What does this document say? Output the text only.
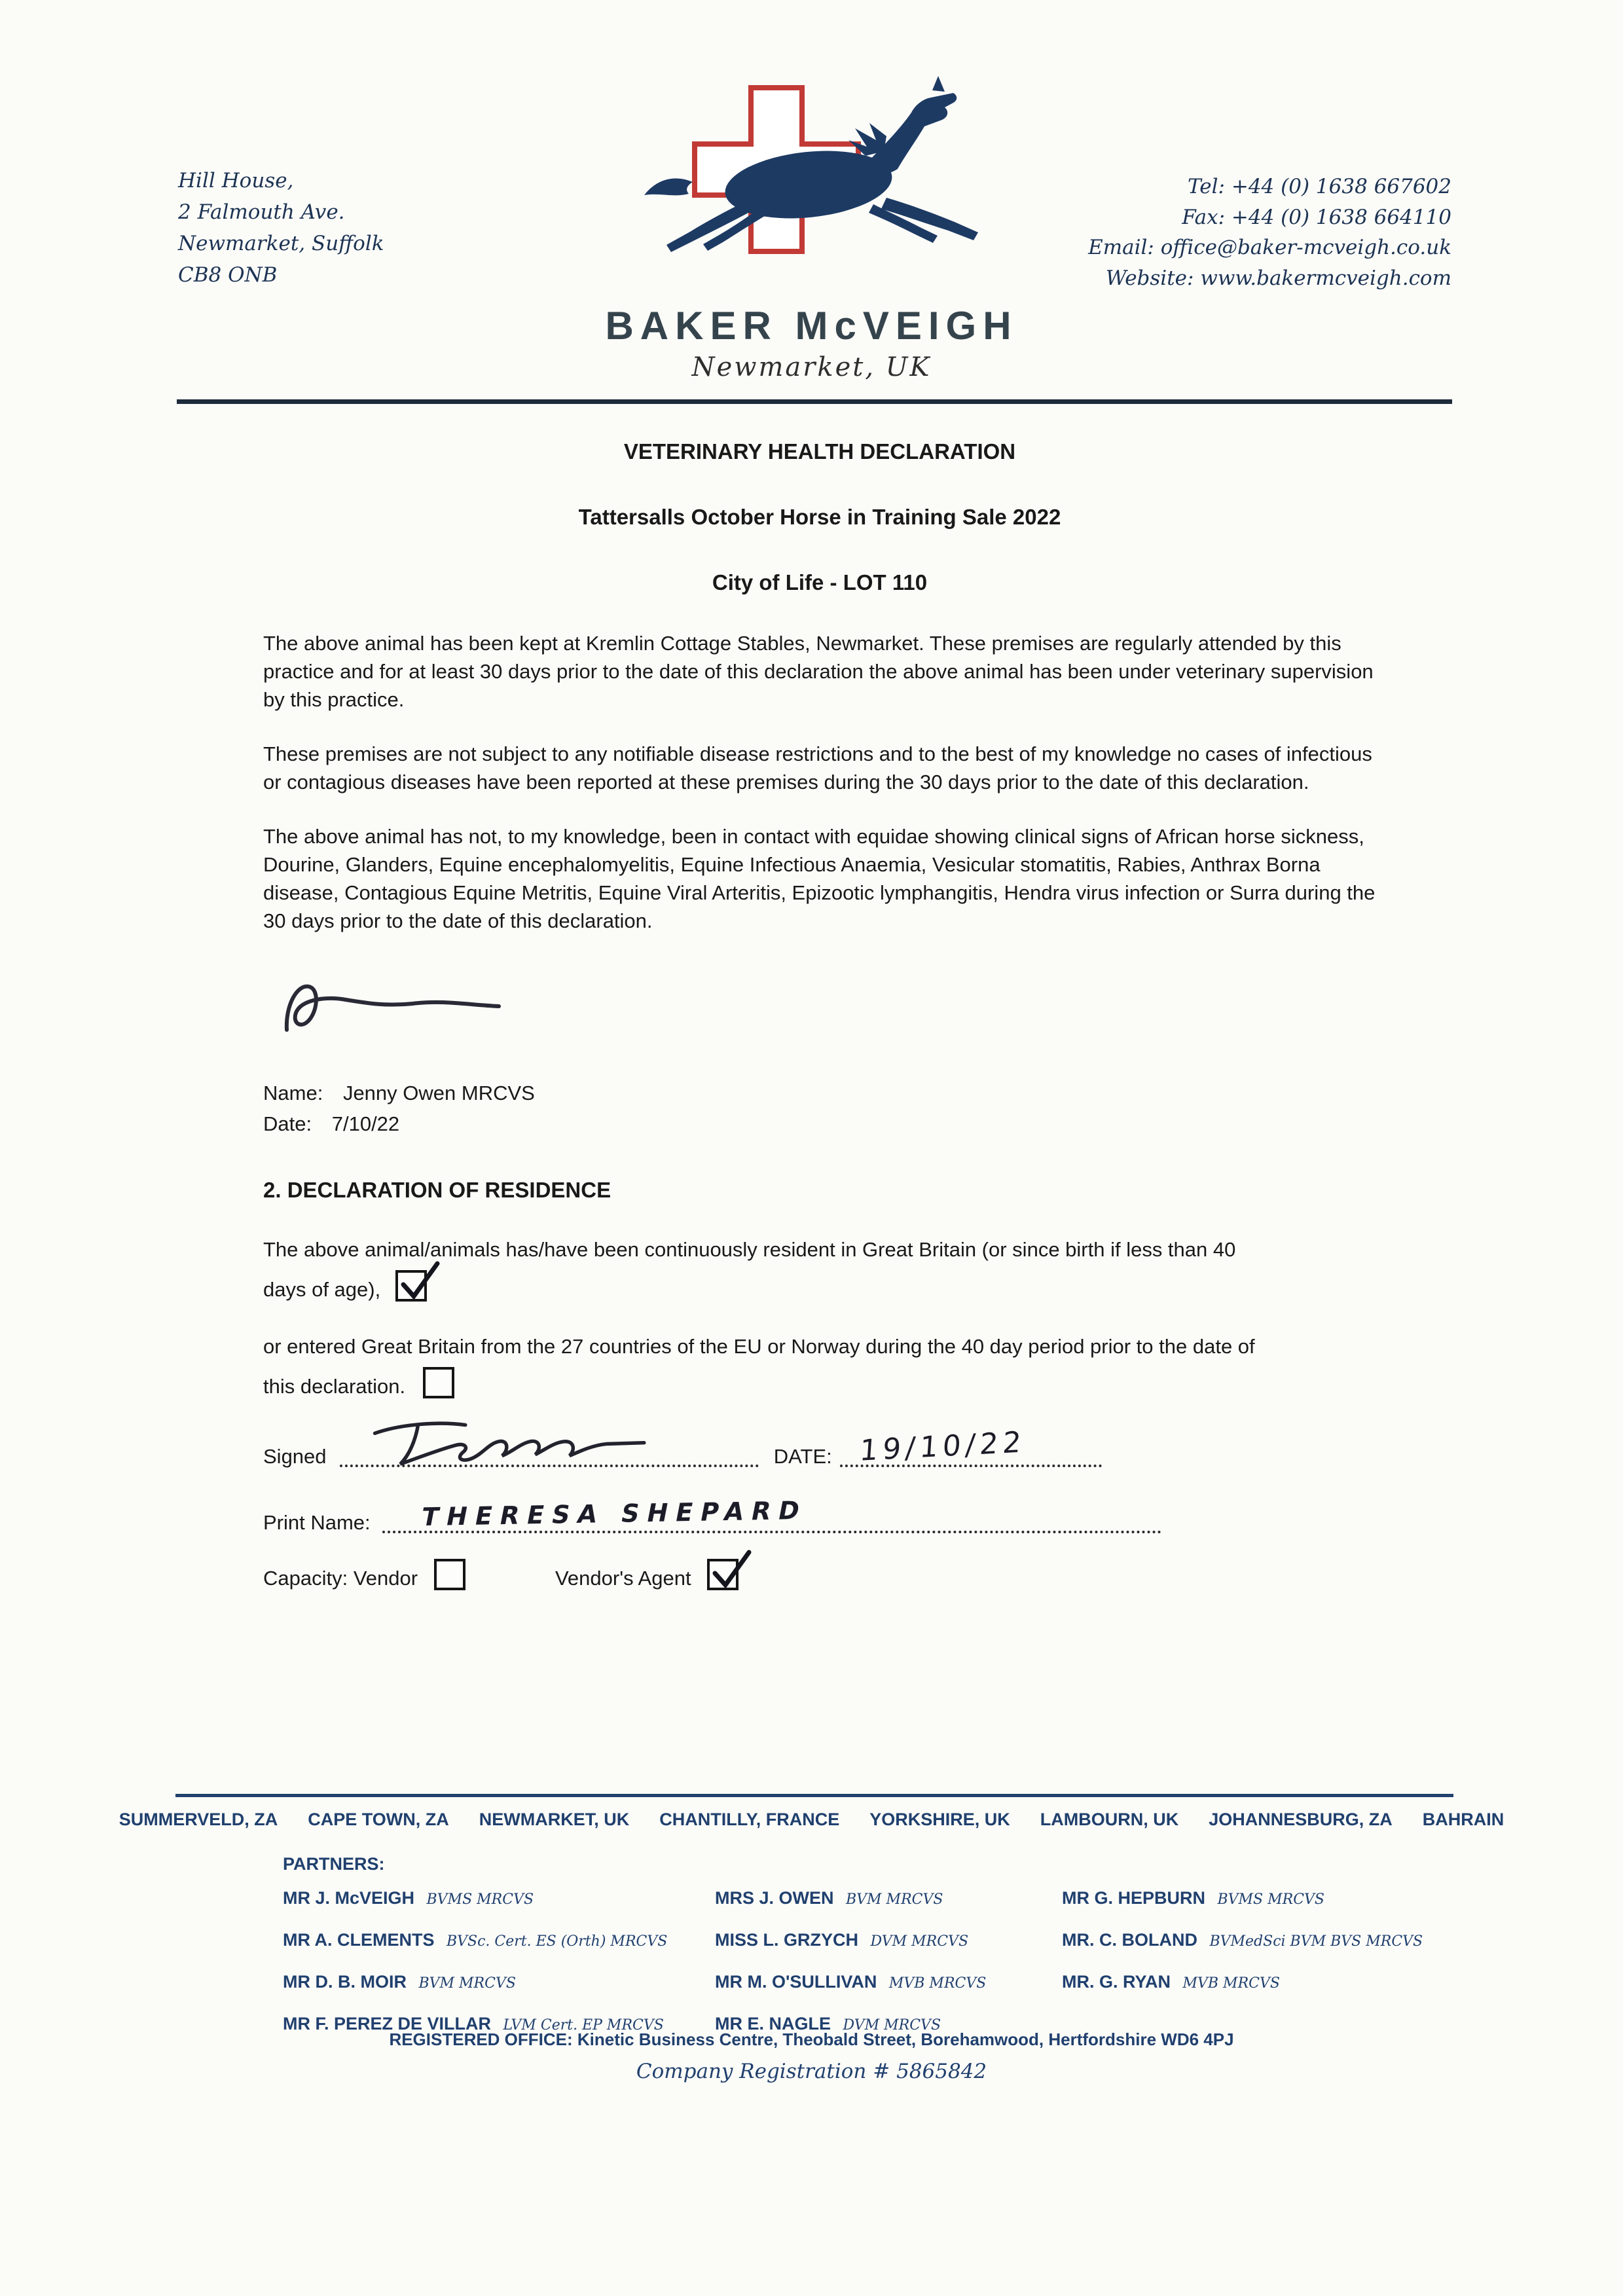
Hill House,
2 Falmouth Ave.
Newmarket, Suffolk
CB8 ONB
Tel: +44 (0) 1638 667602
Fax: +44 (0) 1638 664110
Email: office@baker-mcveigh.co.uk
Website: www.bakermcveigh.com
BAKER McVEIGH
Newmarket, UK
VETERINARY HEALTH DECLARATION
Tattersalls October Horse in Training Sale 2022
City of Life - LOT 110

The above animal has been kept at Kremlin Cottage Stables, Newmarket. These premises are regularly attended by this practice and for at least 30 days prior to the date of this declaration the above animal has been under veterinary supervision by this practice.

These premises are not subject to any notifiable disease restrictions and to the best of my knowledge no cases of infectious or contagious diseases have been reported at these premises during the 30 days prior to the date of this declaration.

The above animal has not, to my knowledge, been in contact with equidae showing clinical signs of African horse sickness, Dourine, Glanders, Equine encephalomyelitis, Equine Infectious Anaemia, Vesicular stomatitis, Rabies, Anthrax Borna disease, Contagious Equine Metritis, Equine Viral Arteritis, Epizootic lymphangitis, Hendra virus infection or Surra during the 30 days prior to the date of this declaration.

Name: Jenny Owen MRCVS
Date: 7/10/22
2. DECLARATION OF RESIDENCE

The above animal/animals has/have been continuously resident in Great Britain (or since birth if less than 40

days of age),

or entered Great Britain from the 27 countries of the EU or Norway during the 40 day period prior to the date of

this declaration.
Signed	DATE: 19/10/22
Print Name: THERESA SHEPARD
Capacity: Vendor	Vendor's Agent
SUMMERVELD, ZA CAPE TOWN, ZA NEWMARKET, UK CHANTILLY, FRANCE YORKSHIRE, UK LAMBOURN, UK JOHANNESBURG, ZA BAHRAIN
PARTNERS:
MR J. McVEIGH BVMS MRCVS
MR A. CLEMENTS BVSc. Cert. ES (Orth) MRCVS
MR D. B. MOIR BVM MRCVS
MR F. PEREZ DE VILLAR LVM Cert. EP MRCVS
MRS J. OWEN BVM MRCVS
MISS L. GRZYCH DVM MRCVS
MR M. O'SULLIVAN MVB MRCVS
MR E. NAGLE DVM MRCVS
MR G. HEPBURN BVMS MRCVS
MR. C. BOLAND BVMedSci BVM BVS MRCVS
MR. G. RYAN MVB MRCVS
REGISTERED OFFICE: Kinetic Business Centre, Theobald Street, Borehamwood, Hertfordshire WD6 4PJ
Company Registration # 5865842
